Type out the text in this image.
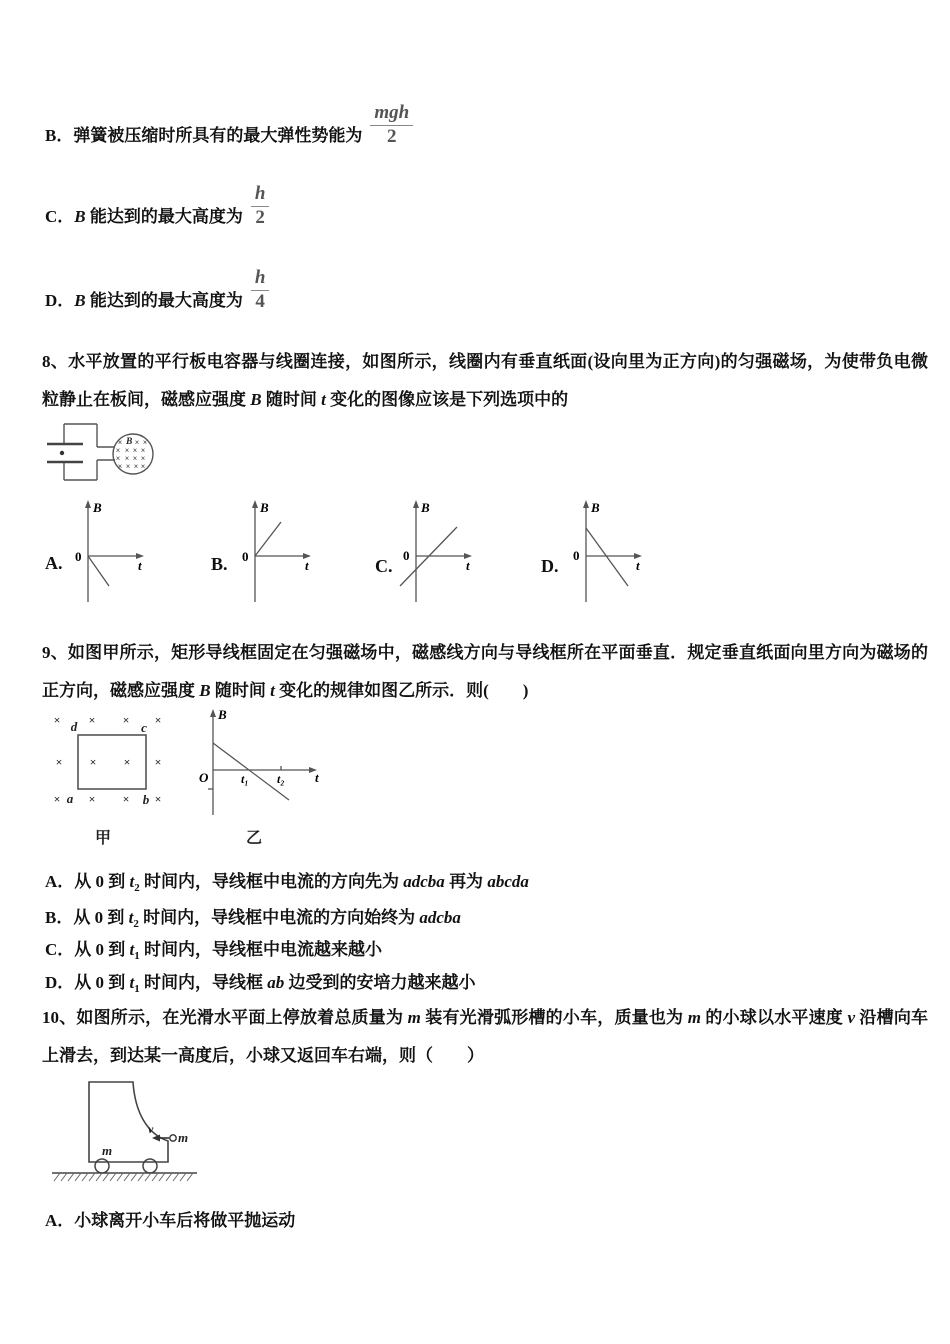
B．弹簧被压缩时所具有的最大弹性势能为 $\frac{\text{mgh}}{2}$
C．B 能达到的最大高度为 $\frac{h}{2}$
D．B 能达到的最大高度为 $\frac{h}{4}$
8、水平放置的平行板电容器与线圈连接，如图所示，线圈内有垂直纸面(设向里为正方向)的匀强磁场，为使带负电微粒静止在板间，磁感应强度 B 随时间 t 变化的图像应该是下列选项中的
× × ×
× × × ×
× × × ×
× × × ×
B
A.
B
t
0	B.
B
t
0	C.
B
t
0
D.
B
t
0
9、如图甲所示，矩形导线框固定在匀强磁场中，磁感线方向与导线框所在平面垂直．规定垂直纸面向里方向为磁场的正方向，磁感应强度 B 随时间 t 变化的规律如图乙所示．则(　　)
× × × ×
× × × ×
× × × ×
d	c
a	b
甲
B
t
O	t₁ t₂
乙
A．从 0 到 $t_2$ 时间内，导线框中电流的方向先为 adcba 再为 abcda
B．从 0 到 $t_2$ 时间内，导线框中电流的方向始终为 adcba
C．从 0 到 $t_1$ 时间内，导线框中电流越来越小
D．从 0 到 $t_1$ 时间内，导线框 ab 边受到的安培力越来越小
10、如图所示，在光滑水平面上停放着总质量为 m 装有光滑弧形槽的小车，质量也为 m 的小球以水平速度 v 沿槽向车上滑去，到达某一高度后，小球又返回车右端，则（　　）
v
m
m
A．小球离开小车后将做平抛运动
